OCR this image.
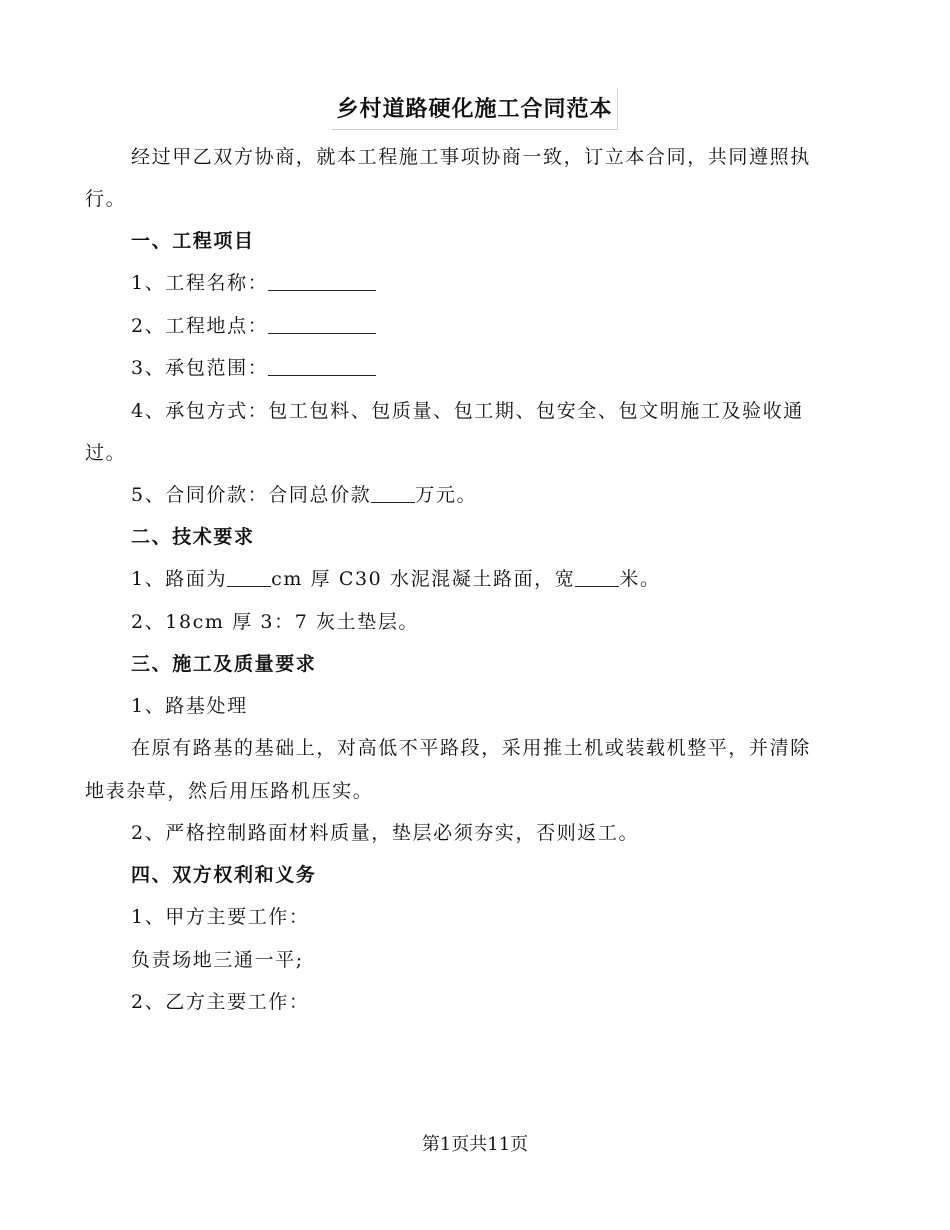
乡村道路硬化施工合同范本
经过甲乙双方协商，就本工程施工事项协商一致，订立本合同，共同遵照执
行。
一、工程项目
1、工程名称：
2、工程地点：
3、承包范围：
4、承包方式：包工包料、包质量、包工期、包安全、包文明施工及验收通
过。
5、合同价款：合同总价款 万元。
二、技术要求
1、路面为 cm 厚 C30 水泥混凝土路面，宽 米。
2、18cm 厚 3：7 灰土垫层。
三、施工及质量要求
1、路基处理
在原有路基的基础上，对高低不平路段，采用推土机或装载机整平，并清除
地表杂草，然后用压路机压实。
2、严格控制路面材料质量，垫层必须夯实，否则返工。
四、双方权利和义务
1、甲方主要工作：
负责场地三通一平;
2、乙方主要工作：
第1页共11页
